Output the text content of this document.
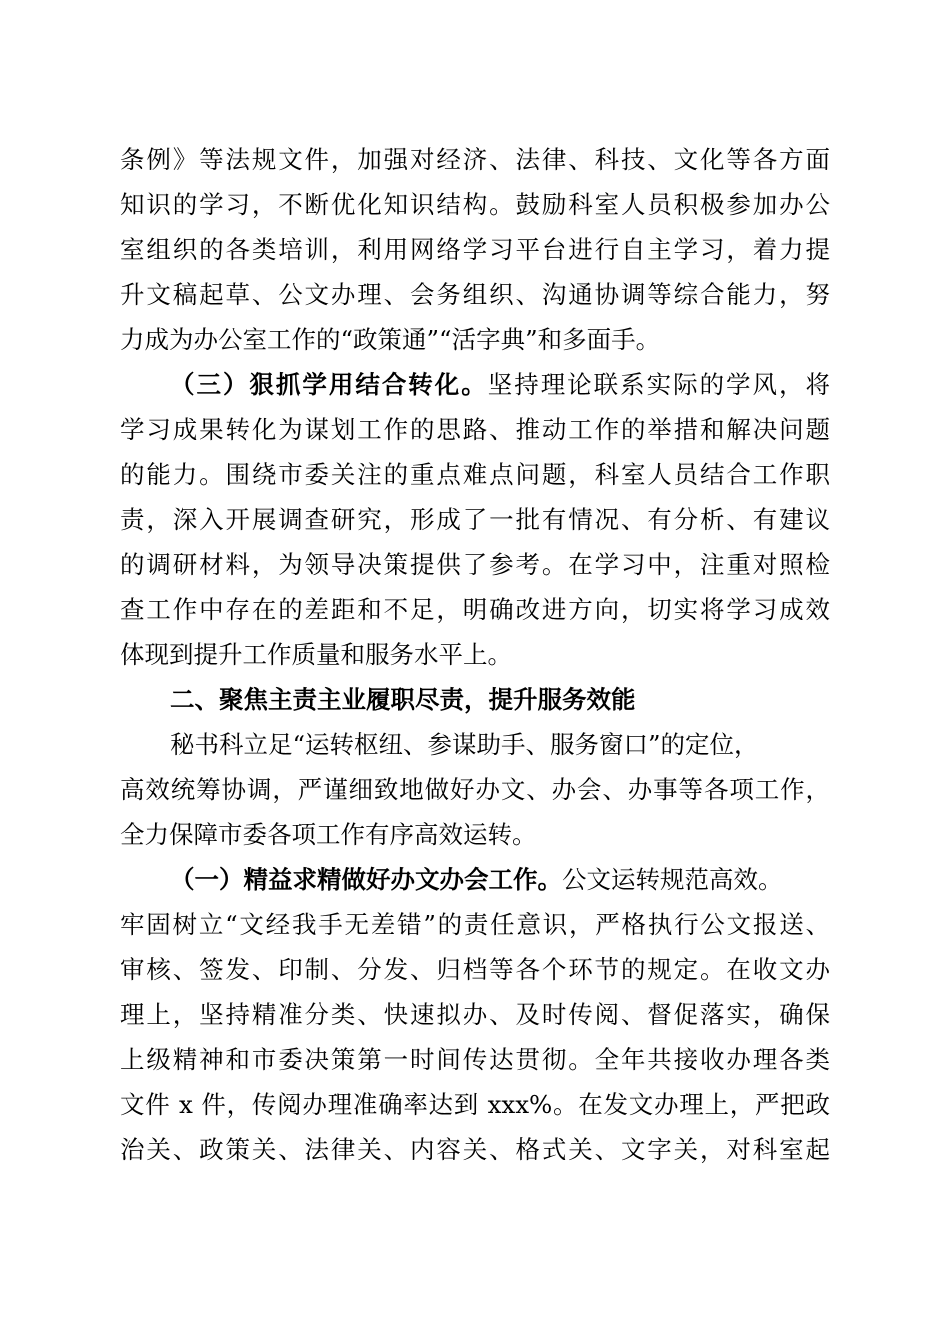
条例》等法规文件，加强对经济、法律、科技、文化等各方面
知识的学习，不断优化知识结构。鼓励科室人员积极参加办公
室组织的各类培训，利用网络学习平台进行自主学习，着力提
升文稿起草、公文办理、会务组织、沟通协调等综合能力，努
力成为办公室工作的“政策通”“活字典”和多面手。
（三）狠抓学用结合转化。坚持理论联系实际的学风，将
学习成果转化为谋划工作的思路、推动工作的举措和解决问题
的能力。围绕市委关注的重点难点问题，科室人员结合工作职
责，深入开展调查研究，形成了一批有情况、有分析、有建议
的调研材料，为领导决策提供了参考。在学习中，注重对照检
查工作中存在的差距和不足，明确改进方向，切实将学习成效
体现到提升工作质量和服务水平上。
二、聚焦主责主业履职尽责，提升服务效能
秘书科立足“运转枢纽、参谋助手、服务窗口”的定位，
高效统筹协调，严谨细致地做好办文、办会、办事等各项工作，
全力保障市委各项工作有序高效运转。
（一）精益求精做好办文办会工作。公文运转规范高效。
牢固树立“文经我手无差错”的责任意识，严格执行公文报送、
审核、签发、印制、分发、归档等各个环节的规定。在收文办
理上，坚持精准分类、快速拟办、及时传阅、督促落实，确保
上级精神和市委决策第一时间传达贯彻。全年共接收办理各类
文件 x 件，传阅办理准确率达到 xxx%。在发文办理上，严把政
治关、政策关、法律关、内容关、格式关、文字关，对科室起
